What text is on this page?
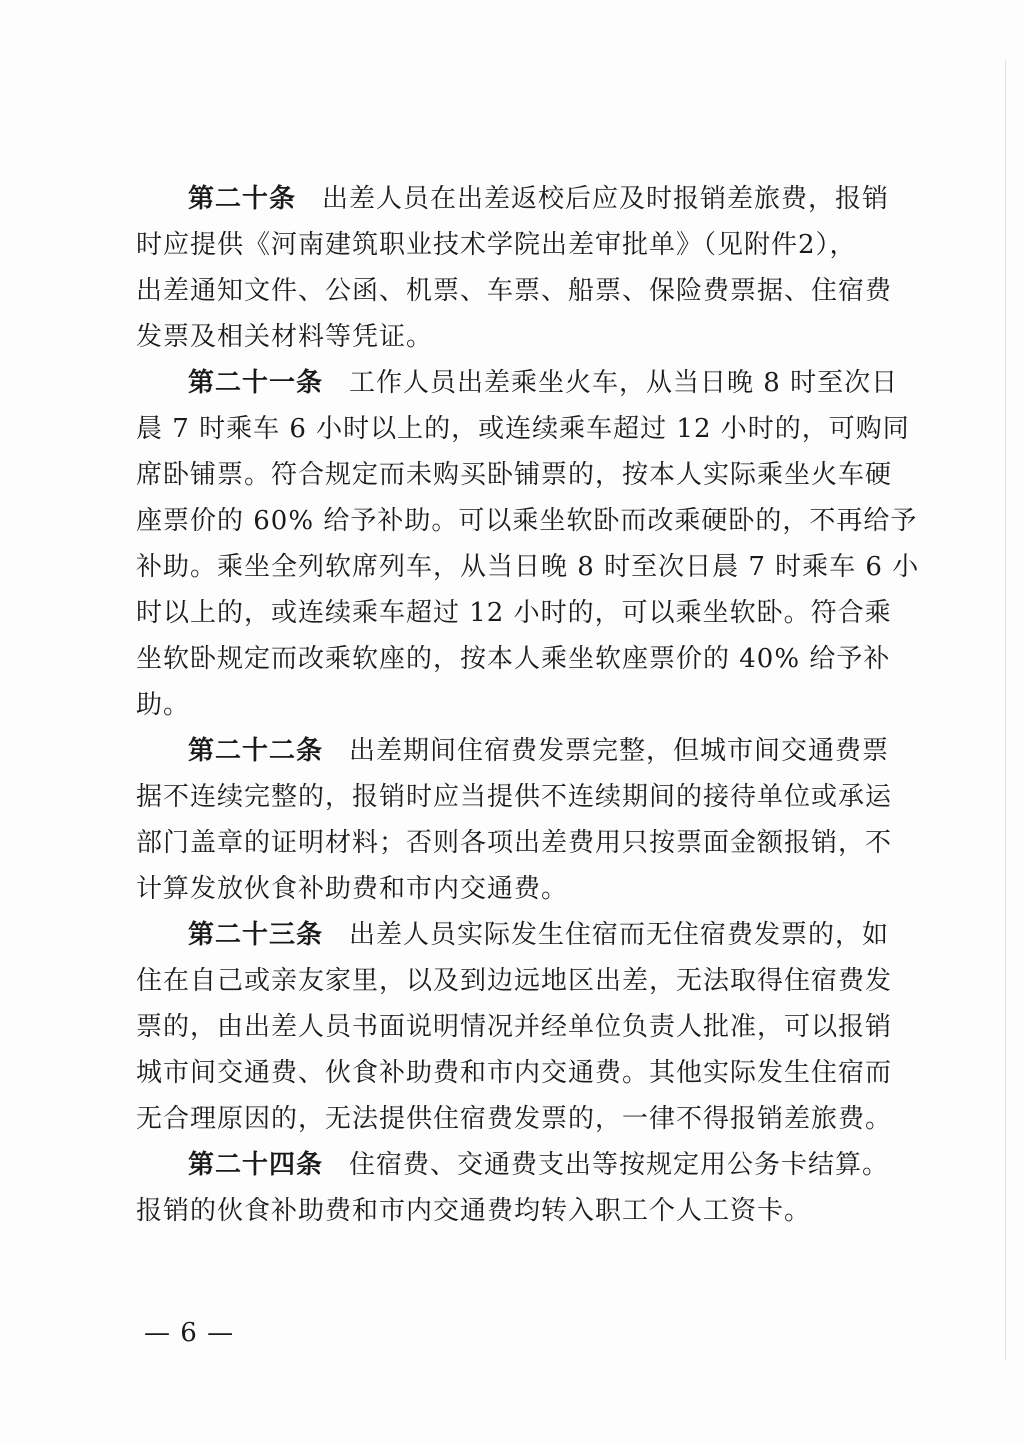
第二十条 出差人员在出差返校后应及时报销差旅费，报销
时应提供《河南建筑职业技术学院出差审批单》（见附件2），
出差通知文件、公函、机票、车票、船票、保险费票据、住宿费
发票及相关材料等凭证。
第二十一条 工作人员出差乘坐火车，从当日晚 8 时至次日
晨 7 时乘车 6 小时以上的，或连续乘车超过 12 小时的，可购同
席卧铺票。符合规定而未购买卧铺票的，按本人实际乘坐火车硬
座票价的 60% 给予补助。可以乘坐软卧而改乘硬卧的，不再给予
补助。乘坐全列软席列车，从当日晚 8 时至次日晨 7 时乘车 6 小
时以上的，或连续乘车超过 12 小时的，可以乘坐软卧。符合乘
坐软卧规定而改乘软座的，按本人乘坐软座票价的 40% 给予补
助。
第二十二条 出差期间住宿费发票完整，但城市间交通费票
据不连续完整的，报销时应当提供不连续期间的接待单位或承运
部门盖章的证明材料；否则各项出差费用只按票面金额报销，不
计算发放伙食补助费和市内交通费。
第二十三条 出差人员实际发生住宿而无住宿费发票的，如
住在自己或亲友家里，以及到边远地区出差，无法取得住宿费发
票的，由出差人员书面说明情况并经单位负责人批准，可以报销
城市间交通费、伙食补助费和市内交通费。其他实际发生住宿而
无合理原因的，无法提供住宿费发票的，一律不得报销差旅费。
第二十四条 住宿费、交通费支出等按规定用公务卡结算。
报销的伙食补助费和市内交通费均转入职工个人工资卡。
— 6 —
